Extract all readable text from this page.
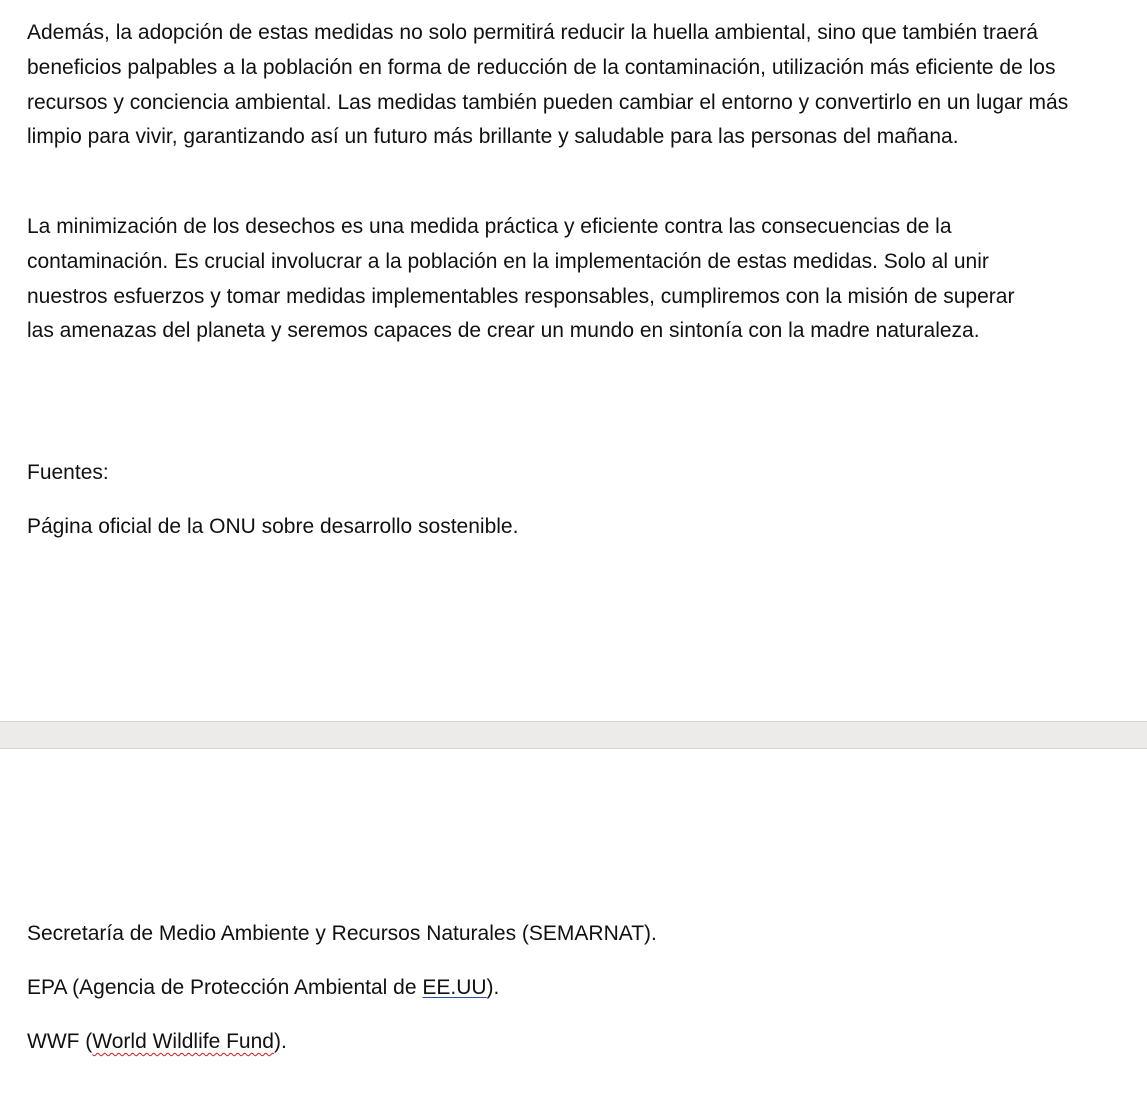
Además, la adopción de estas medidas no solo permitirá reducir la huella ambiental, sino que también traerá beneficios palpables a la población en forma de reducción de la contaminación, utilización más eficiente de los recursos y conciencia ambiental. Las medidas también pueden cambiar el entorno y convertirlo en un lugar más limpio para vivir, garantizando así un futuro más brillante y saludable para las personas del mañana.

La minimización de los desechos es una medida práctica y eficiente contra las consecuencias de la contaminación. Es crucial involucrar a la población en la implementación de estas medidas. Solo al unir nuestros esfuerzos y tomar medidas implementables responsables, cumpliremos con la misión de superar las amenazas del planeta y seremos capaces de crear un mundo en sintonía con la madre naturaleza.

Fuentes:

Página oficial de la ONU sobre desarrollo sostenible.

Secretaría de Medio Ambiente y Recursos Naturales (SEMARNAT).

EPA (Agencia de Protección Ambiental de EE.UU).

WWF (World Wildlife Fund).
